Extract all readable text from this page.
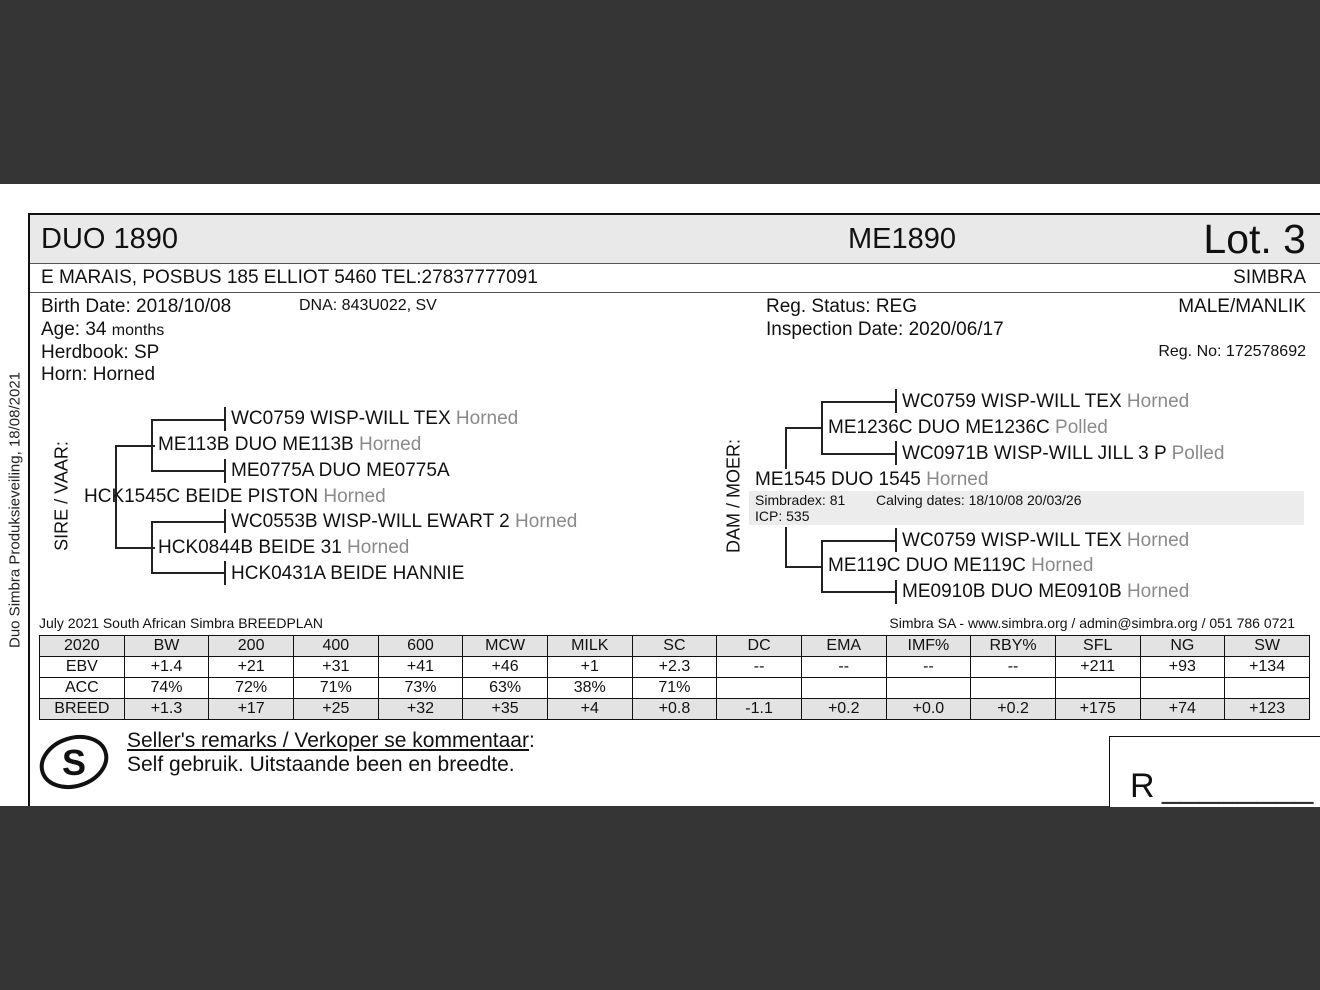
Duo Simbra Produksieveiling, 18/08/2021
DUO 1890	ME1890	Lot. 3
E MARAIS, POSBUS 185 ELLIOT 5460 TEL:27837777091	SIMBRA
Birth Date: 2018/10/08	DNA: 843U022, SV
Age: 34 months
Herdbook: SP
Horn: Horned
Reg. Status: REG
Inspection Date: 2020/06/17
MALE/MANLIK
Reg. No: 172578692
SIRE / VAAR:
WC0759 WISP-WILL TEX Horned
ME113B DUO ME113B Horned
ME0775A DUO ME0775A
HCK1545C BEIDE PISTON Horned
WC0553B WISP-WILL EWART 2 Horned
HCK0844B BEIDE 31 Horned
HCK0431A BEIDE HANNIE
DAM / MOER:
WC0759 WISP-WILL TEX Horned
ME1236C DUO ME1236C Polled
WC0971B WISP-WILL JILL 3 P Polled
ME1545 DUO 1545 Horned
Simbradex: 81 Calving dates: 18/10/08 20/03/26
ICP: 535
WC0759 WISP-WILL TEX Horned
ME119C DUO ME119C Horned
ME0910B DUO ME0910B Horned
July 2021 South African Simbra BREEDPLAN	Simbra SA - www.simbra.org / admin@simbra.org / 051 786 0721
2020	BW	200	400	600	MCW	MILK	SC	DC	EMA	IMF%	RBY%	SFL	NG	SW
EBV	+1.4	+21	+31	+41	+46	+1	+2.3	--	--	--	--	+211	+93	+134
ACC	74%	72%	71%	73%	63%	38%	71%							
BREED	+1.3	+17	+25	+32	+35	+4	+0.8	-1.1	+0.2	+0.0	+0.2	+175	+74	+123
S
Seller's remarks / Verkoper se kommentaar:
Self gebruik. Uitstaande been en breedte.
R ________
